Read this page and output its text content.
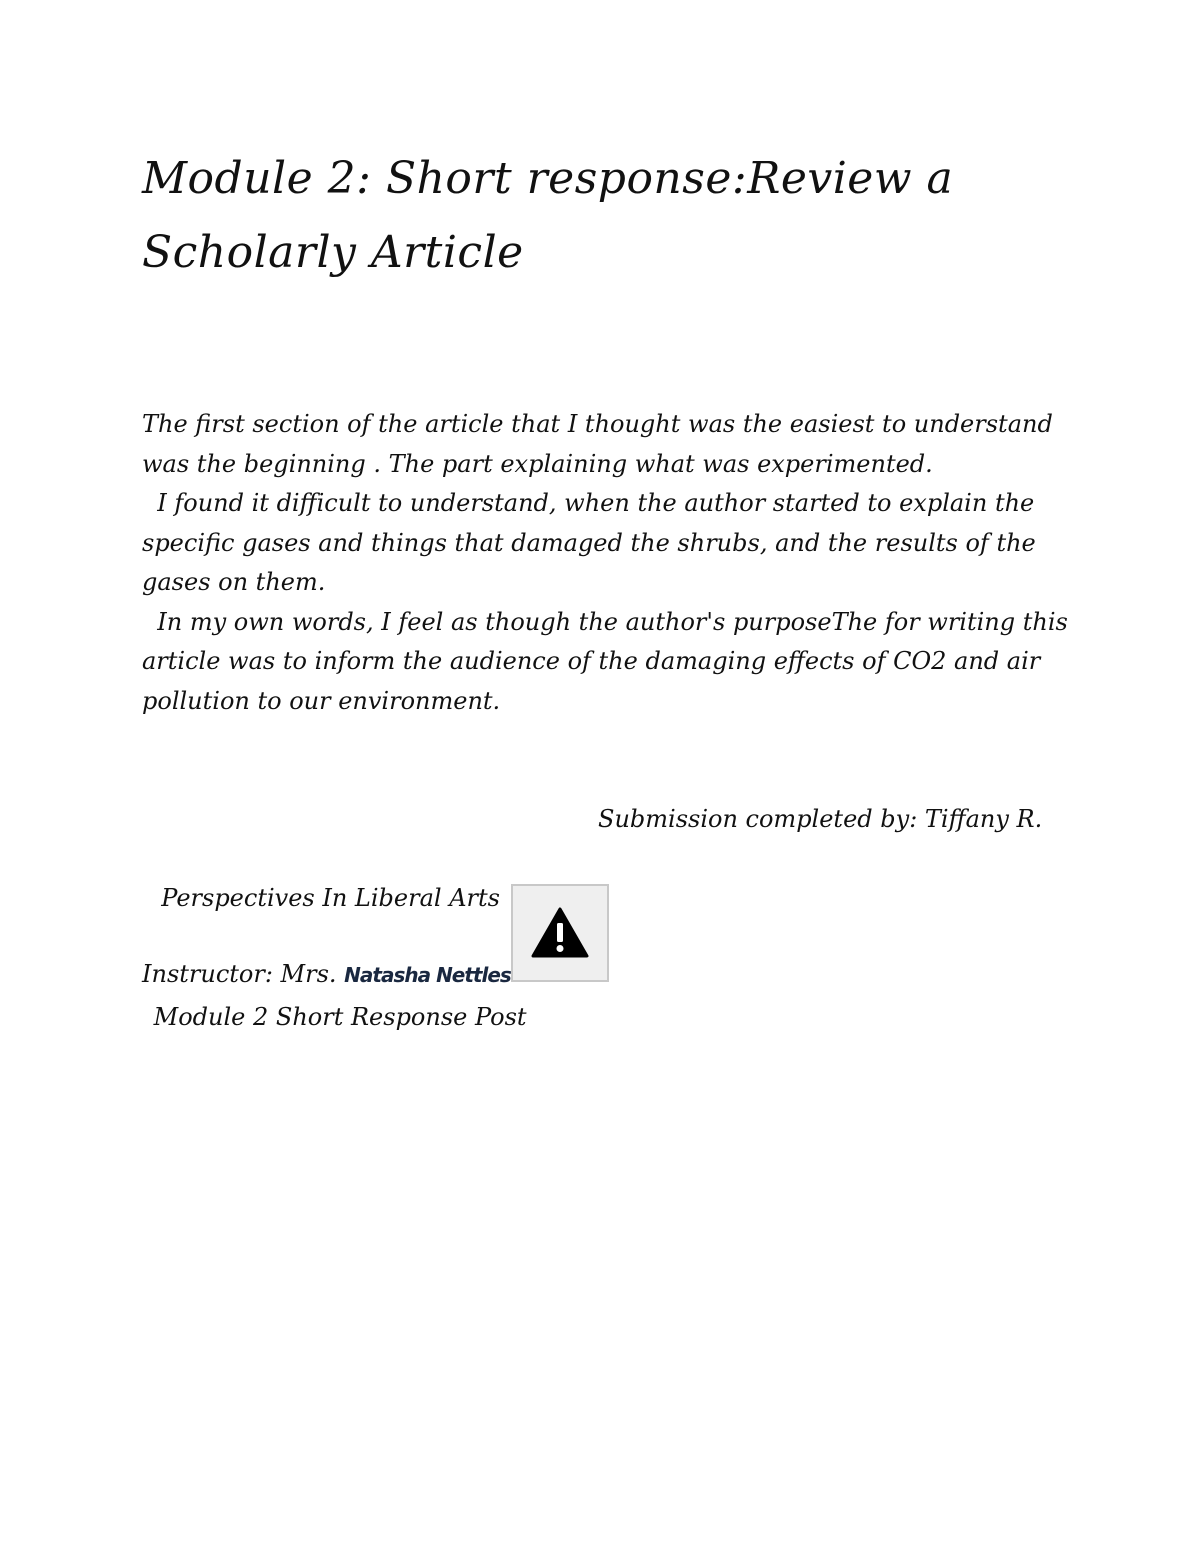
Module 2: Short response:Review a Scholarly Article

The first section of the article that I thought was the easiest to understand was the beginning . The part explaining what was experimented.

I found it difficult to understand, when the author started to explain the specific gases and things that damaged the shrubs, and the results of the gases on them.

In my own words, I feel as though the author's purposeThe for writing this article was to inform the audience of the damaging effects of CO2 and air pollution to our environment.

Perspectives In Liberal Arts

Module 2 Short Response Post

Submission completed by: Tiffany R.
Instructor: Mrs. Natasha Nettles
